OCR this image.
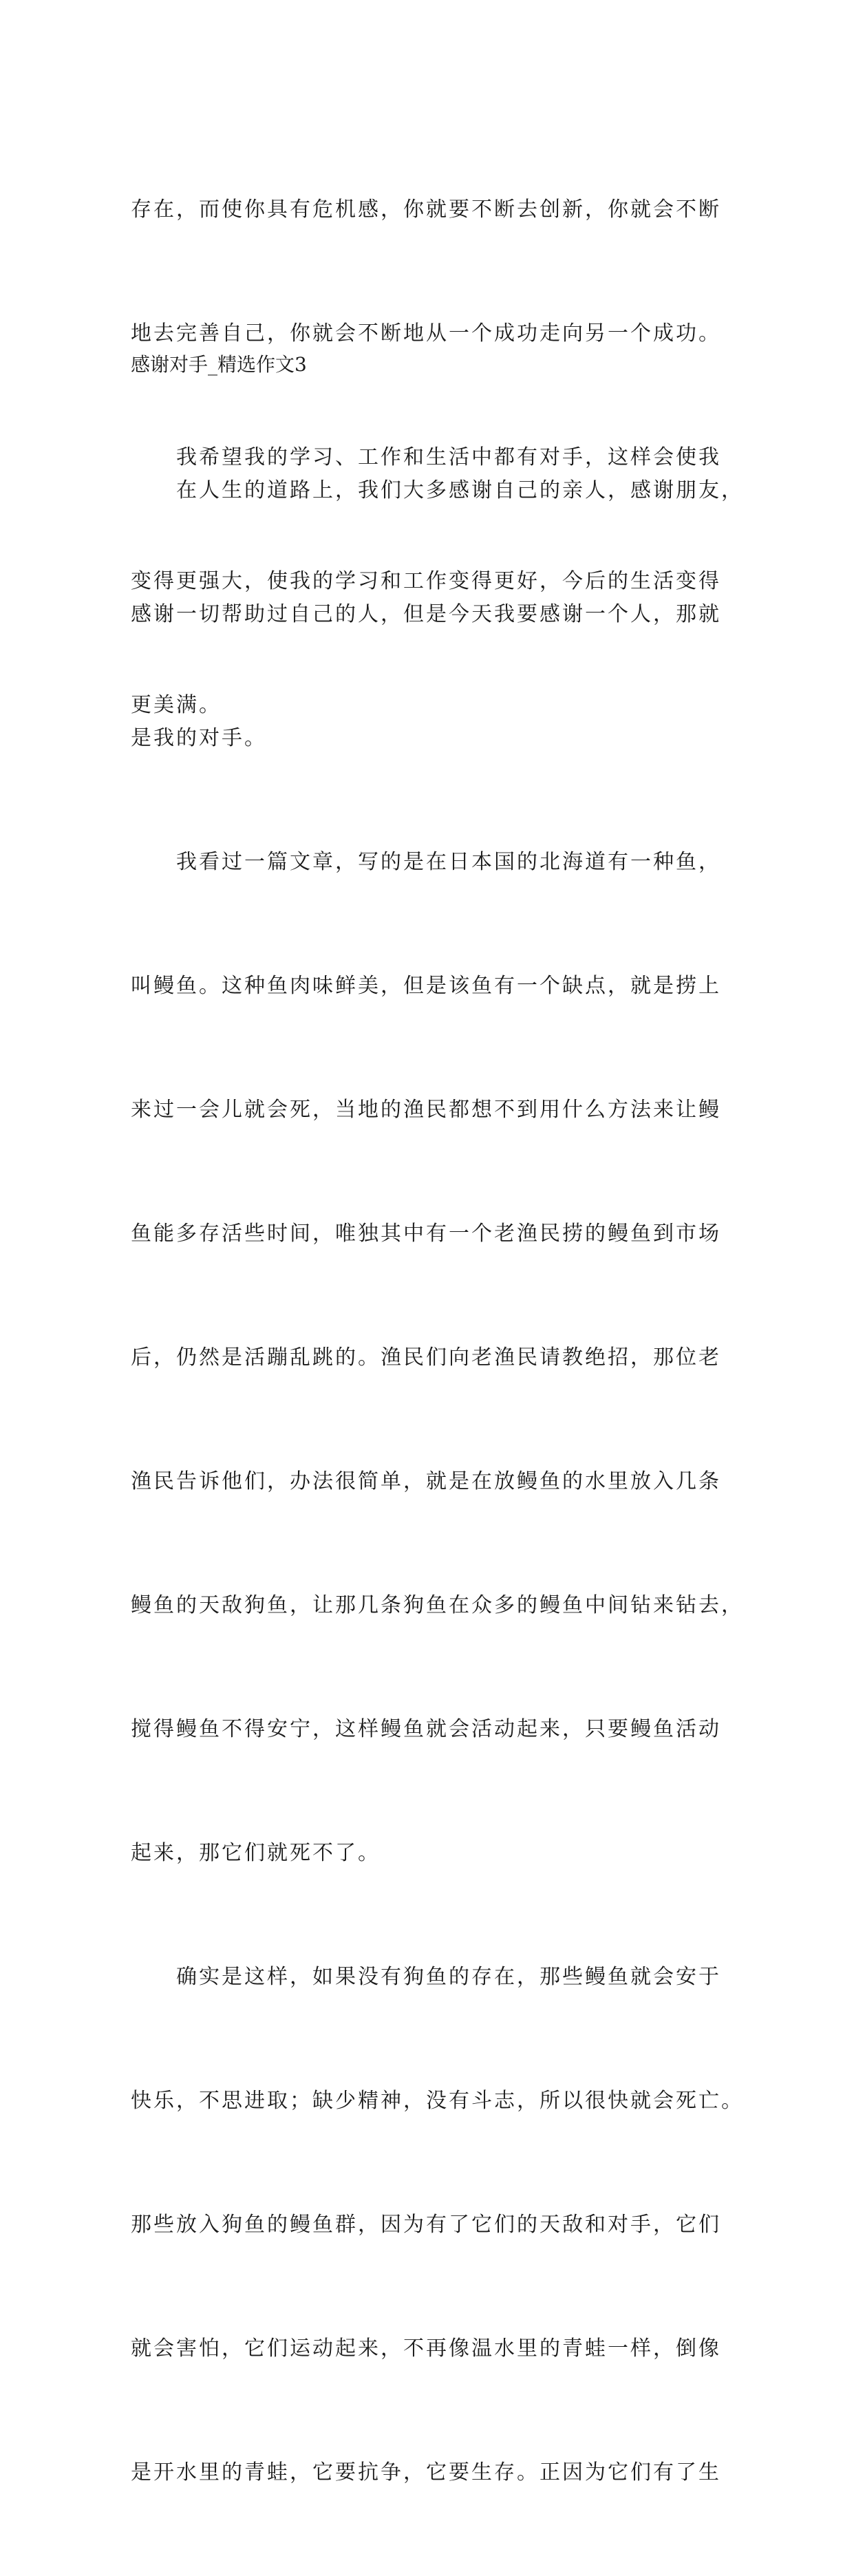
存在，而使你具有危机感，你就要不断去创新，你就会不断

地去完善自己，你就会不断地从一个成功走向另一个成功。

　　我希望我的学习、工作和生活中都有对手，这样会使我

变得更强大，使我的学习和工作变得更好，今后的生活变得

更美满。

感谢对手_精选作文3

　　在人生的道路上，我们大多感谢自己的亲人，感谢朋友，

感谢一切帮助过自己的人，但是今天我要感谢一个人，那就

是我的对手。

　　我看过一篇文章，写的是在日本国的北海道有一种鱼，

叫鳗鱼。这种鱼肉味鲜美，但是该鱼有一个缺点，就是捞上

来过一会儿就会死，当地的渔民都想不到用什么方法来让鳗

鱼能多存活些时间，唯独其中有一个老渔民捞的鳗鱼到市场

后，仍然是活蹦乱跳的。渔民们向老渔民请教绝招，那位老

渔民告诉他们，办法很简单，就是在放鳗鱼的水里放入几条

鳗鱼的天敌狗鱼，让那几条狗鱼在众多的鳗鱼中间钻来钻去，

搅得鳗鱼不得安宁，这样鳗鱼就会活动起来，只要鳗鱼活动

起来，那它们就死不了。

　　确实是这样，如果没有狗鱼的存在，那些鳗鱼就会安于

快乐，不思进取；缺少精神，没有斗志，所以很快就会死亡。

那些放入狗鱼的鳗鱼群，因为有了它们的天敌和对手，它们

就会害怕，它们运动起来，不再像温水里的青蛙一样，倒像

是开水里的青蛙，它要抗争，它要生存。正因为它们有了生
